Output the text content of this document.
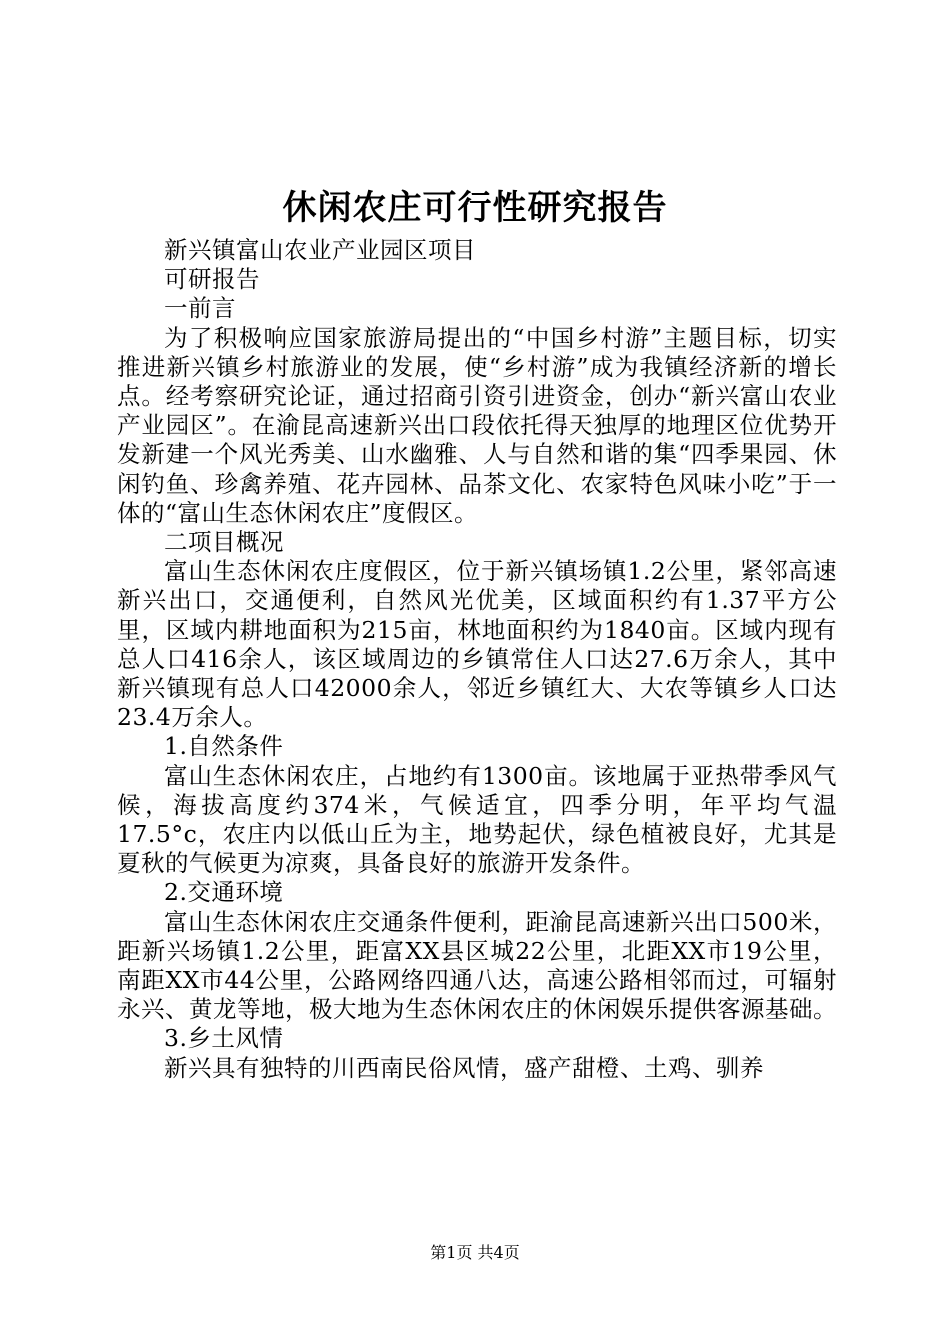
休闲农庄可行性研究报告

新兴镇富山农业产业园区项目

可研报告

一前言

为了积极响应国家旅游局提出的“中国乡村游”主题目标，切实推进新兴镇乡村旅游业的发展，使“乡村游”成为我镇经济新的增长点。经考察研究论证，通过招商引资引进资金，创办“新兴富山农业产业园区”。在渝昆高速新兴出口段依托得天独厚的地理区位优势开发新建一个风光秀美、山水幽雅、人与自然和谐的集“四季果园、休闲钓鱼、珍禽养殖、花卉园林、品茶文化、农家特色风味小吃”于一体的“富山生态休闲农庄”度假区。

二项目概况

富山生态休闲农庄度假区，位于新兴镇场镇1.2公里，紧邻高速新兴出口，交通便利，自然风光优美，区域面积约有1.37平方公里，区域内耕地面积为215亩，林地面积约为1840亩。区域内现有总人口416余人，该区域周边的乡镇常住人口达27.6万余人，其中新兴镇现有总人口42000余人，邻近乡镇红大、大农等镇乡人口达23.4万余人。

1.自然条件

富山生态休闲农庄，占地约有1300亩。该地属于亚热带季风气候，海拔高度约374米，气候适宜，四季分明，年平均气温17.5°c，农庄内以低山丘为主，地势起伏，绿色植被良好，尤其是夏秋的气候更为凉爽，具备良好的旅游开发条件。

2.交通环境

富山生态休闲农庄交通条件便利，距渝昆高速新兴出口500米，距新兴场镇1.2公里，距富XX县区城22公里，北距XX市19公里，南距XX市44公里，公路网络四通八达，高速公路相邻而过，可辐射永兴、黄龙等地，极大地为生态休闲农庄的休闲娱乐提供客源基础。

3.乡土风情

新兴具有独特的川西南民俗风情，盛产甜橙、土鸡、驯养

第1页 共4页
